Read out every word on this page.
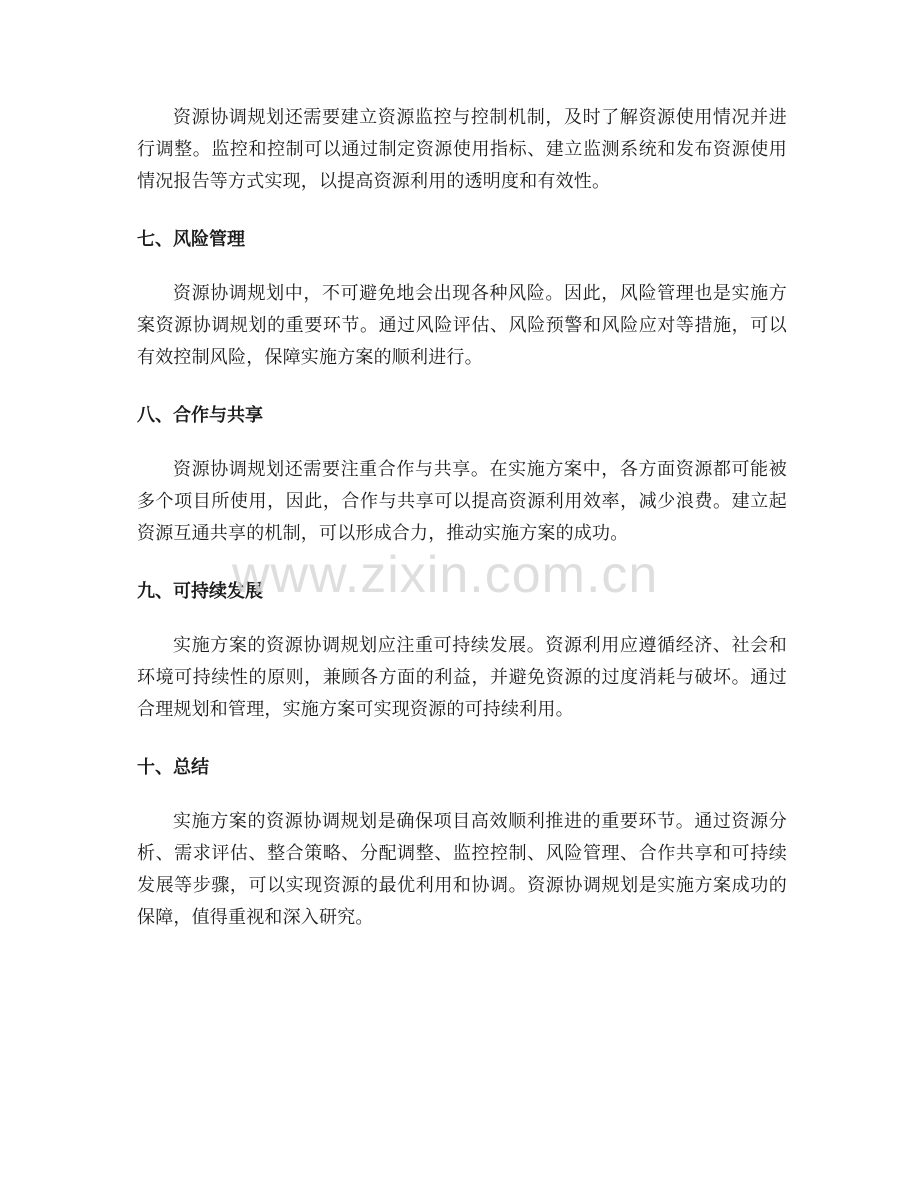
资源协调规划还需要建立资源监控与控制机制，及时了解资源使用情况并进行调整。监控和控制可以通过制定资源使用指标、建立监测系统和发布资源使用情况报告等方式实现，以提高资源利用的透明度和有效性。

七、风险管理

资源协调规划中，不可避免地会出现各种风险。因此，风险管理也是实施方案资源协调规划的重要环节。通过风险评估、风险预警和风险应对等措施，可以有效控制风险，保障实施方案的顺利进行。

八、合作与共享

资源协调规划还需要注重合作与共享。在实施方案中，各方面资源都可能被多个项目所使用，因此，合作与共享可以提高资源利用效率，减少浪费。建立起资源互通共享的机制，可以形成合力，推动实施方案的成功。

九、可持续发展

实施方案的资源协调规划应注重可持续发展。资源利用应遵循经济、社会和环境可持续性的原则，兼顾各方面的利益，并避免资源的过度消耗与破坏。通过合理规划和管理，实施方案可实现资源的可持续利用。

十、总结

实施方案的资源协调规划是确保项目高效顺利推进的重要环节。通过资源分析、需求评估、整合策略、分配调整、监控控制、风险管理、合作共享和可持续发展等步骤，可以实现资源的最优利用和协调。资源协调规划是实施方案成功的保障，值得重视和深入研究。

www.zixin.com.cn
